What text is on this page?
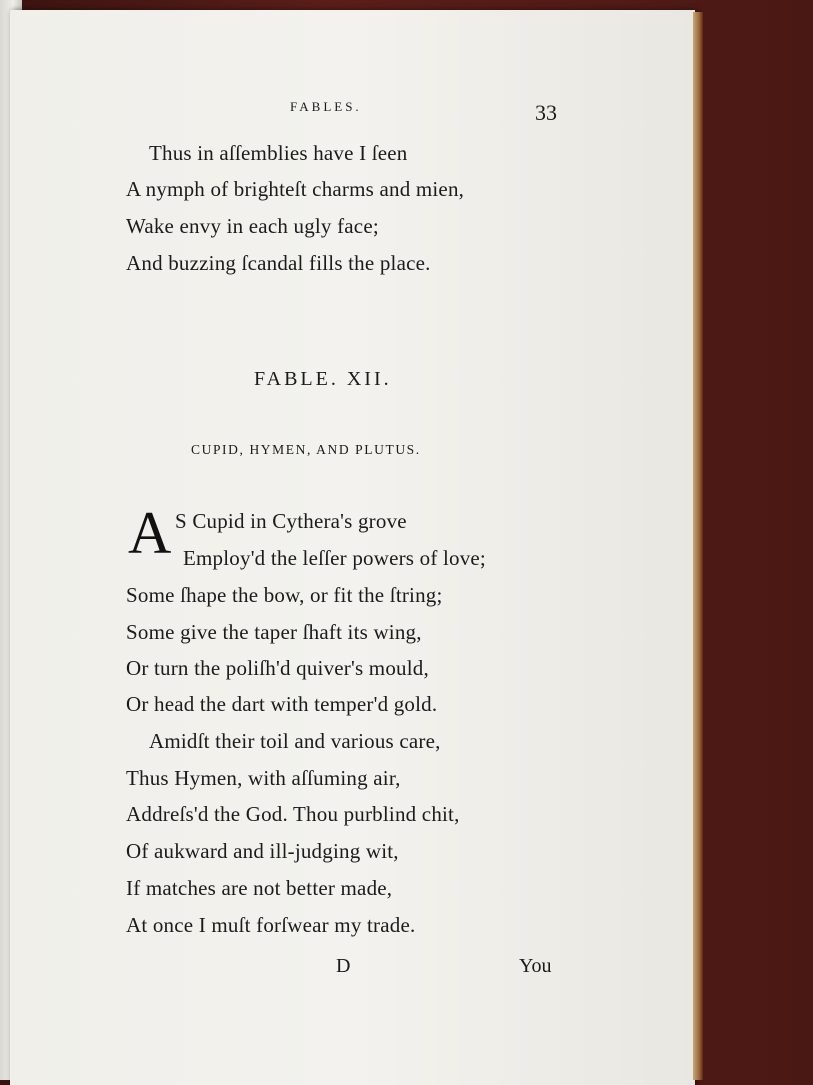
FABLES.	33
Thus in aſſemblies have I ſeen
A nymph of brighteſt charms and mien,
Wake envy in each ugly face;
And buzzing ſcandal fills the place.
FABLE. XII.
CUPID, HYMEN, AND PLUTUS.
A S Cupid in Cythera's grove
Employ'd the leſſer powers of love;
Some ſhape the bow, or fit the ſtring;
Some give the taper ſhaft its wing,
Or turn the poliſh'd quiver's mould,
Or head the dart with temper'd gold.
Amidſt their toil and various care,
Thus Hymen, with aſſuming air,
Addreſs'd the God. Thou purblind chit,
Of aukward and ill-judging wit,
If matches are not better made,
At once I muſt forſwear my trade.
D	You
